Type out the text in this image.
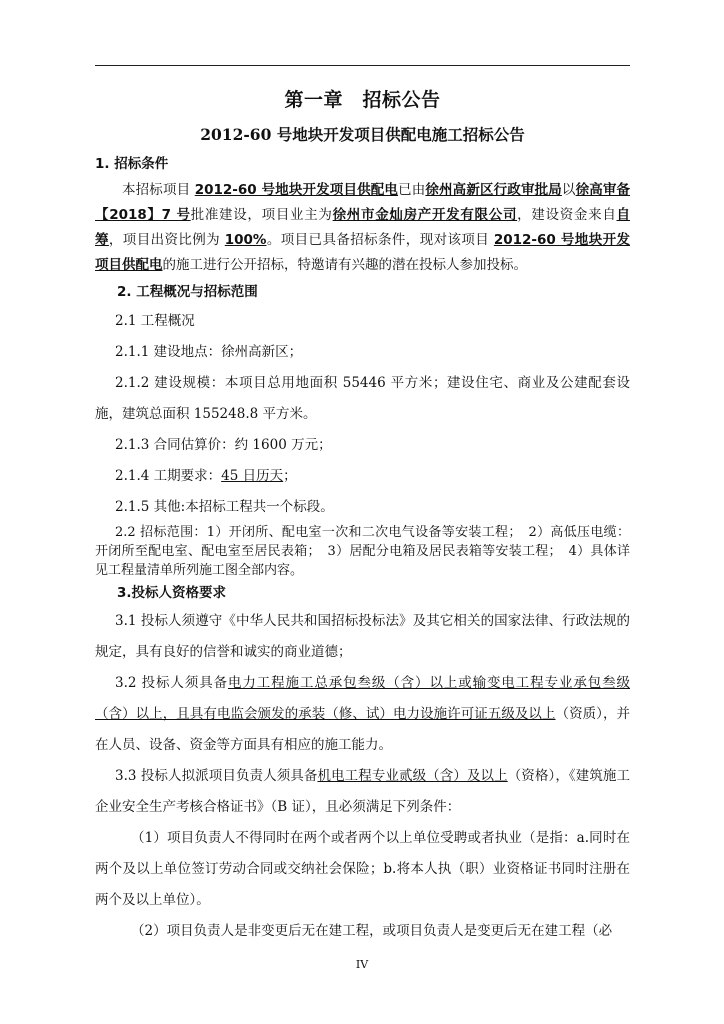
第一章　招标公告
2012-60 号地块开发项目供配电施工招标公告
1. 招标条件

本招标项目 2012-60 号地块开发项目供配电已由徐州高新区行政审批局以徐高审备【2018】7 号批准建设，项目业主为徐州市金灿房产开发有限公司，建设资金来自自筹，项目出资比例为 100%。项目已具备招标条件，现对该项目 2012-60 号地块开发项目供配电的施工进行公开招标，特邀请有兴趣的潜在投标人参加投标。

2. 工程概况与招标范围

2.1 工程概况

2.1.1 建设地点：徐州高新区；

2.1.2 建设规模：本项目总用地面积 55446 平方米；建设住宅、商业及公建配套设施，建筑总面积 155248.8 平方米。

2.1.3 合同估算价：约 1600 万元；

2.1.4 工期要求：45 日历天；

2.1.5 其他:本招标工程共一个标段。

2.2 招标范围：1）开闭所、配电室一次和二次电气设备等安装工程；　2）高低压电缆：开闭所至配电室、配电室至居民表箱；　3）居配分电箱及居民表箱等安装工程；　4）具体详见工程量清单所列施工图全部内容。

3.投标人资格要求

3.1 投标人须遵守《中华人民共和国招标投标法》及其它相关的国家法律、行政法规的规定，具有良好的信誉和诚实的商业道德；

3.2 投标人须具备电力工程施工总承包叁级（含）以上或输变电工程专业承包叁级（含）以上，且具有电监会颁发的承装（修、试）电力设施许可证五级及以上（资质），并在人员、设备、资金等方面具有相应的施工能力。

3.3 投标人拟派项目负责人须具备机电工程专业贰级（含）及以上（资格），《建筑施工企业安全生产考核合格证书》（B 证），且必须满足下列条件：

（1）项目负责人不得同时在两个或者两个以上单位受聘或者执业（是指：a.同时在两个及以上单位签订劳动合同或交纳社会保险；b.将本人执（职）业资格证书同时注册在两个及以上单位）。

（2）项目负责人是非变更后无在建工程，或项目负责人是变更后无在建工程（必

IV
